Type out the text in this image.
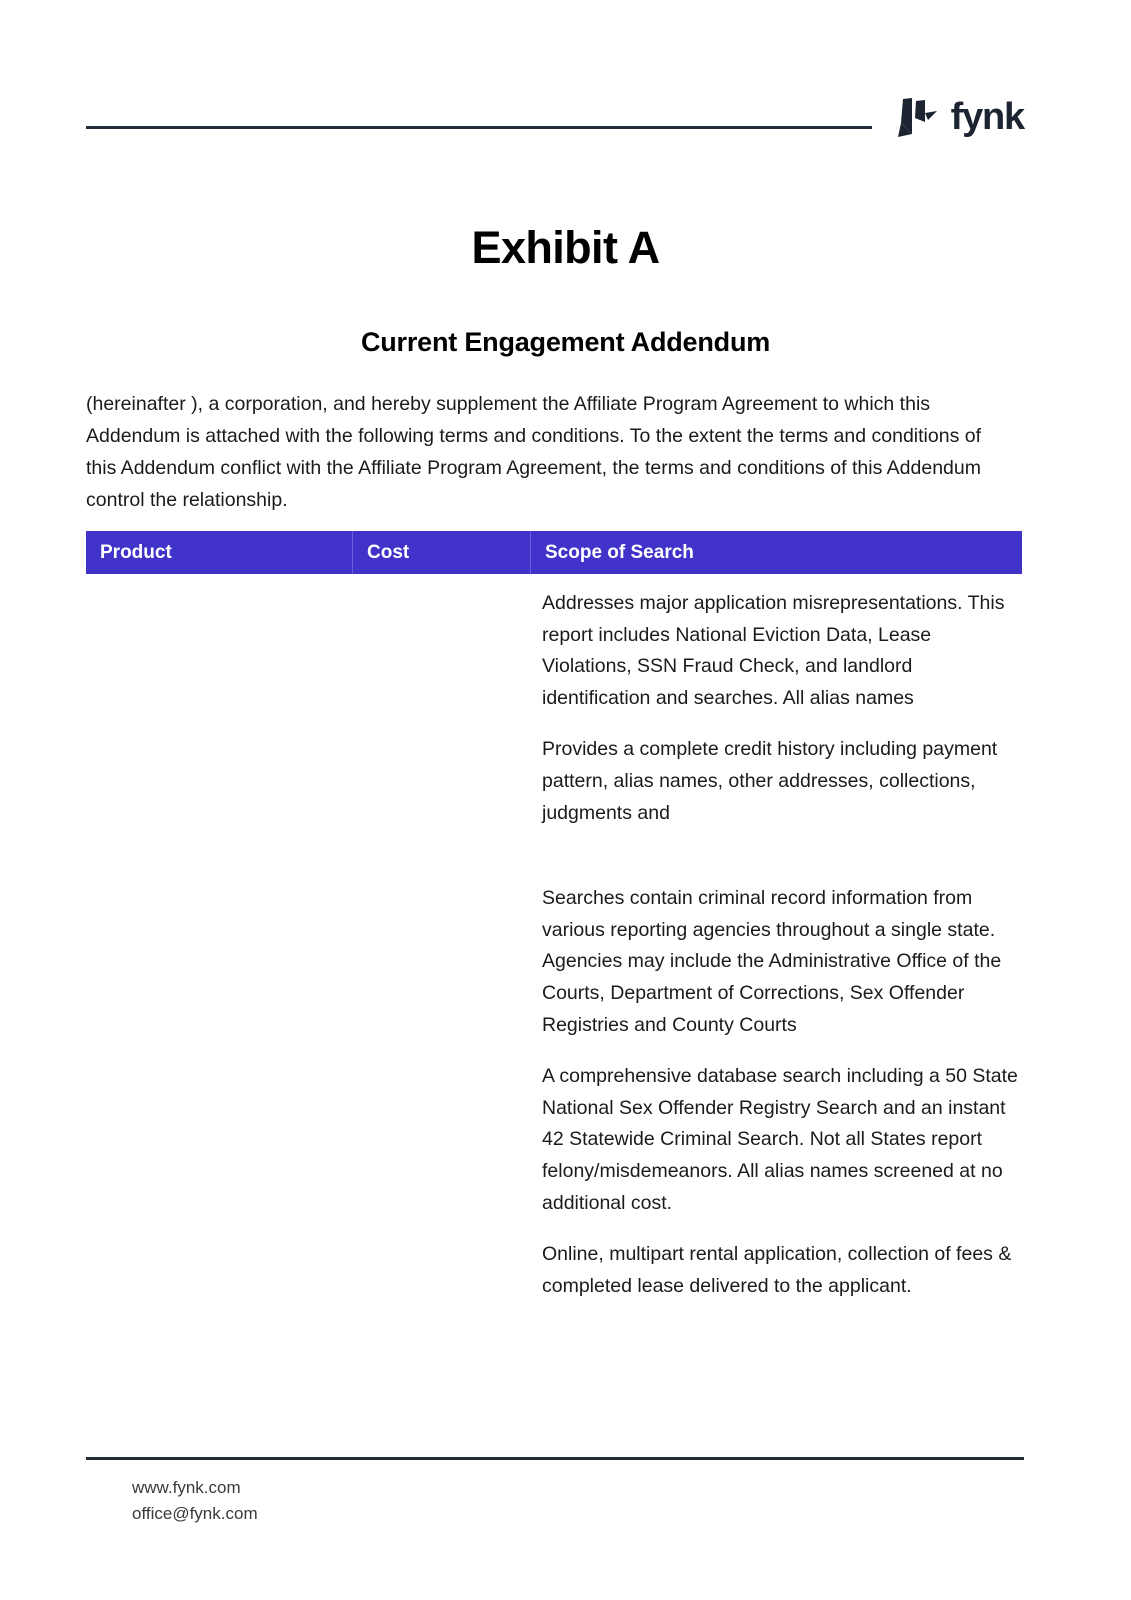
fynk
Exhibit A
Current Engagement Addendum
(hereinafter ), a corporation, and hereby supplement the Affiliate Program Agreement to which this Addendum is attached with the following terms and conditions. To the extent the terms and conditions of this Addendum conflict with the Affiliate Program Agreement, the terms and conditions of this Addendum control the relationship.
Product	Cost	Scope of Search

Addresses major application misrepresentations. This report includes National Eviction Data, Lease Violations, SSN Fraud Check, and landlord identification and searches. All alias names

Provides a complete credit history including payment pattern, alias names, other addresses, collections, judgments and

Searches contain criminal record information from various reporting agencies throughout a single state. Agencies may include the Administrative Office of the Courts, Department of Corrections, Sex Offender Registries and County Courts

A comprehensive database search including a 50 State National Sex Offender Registry Search and an instant 42 Statewide Criminal Search. Not all States report felony/misdemeanors. All alias names screened at no additional cost.

Online, multipart rental application, collection of fees & completed lease delivered to the applicant.

www.fynk.com
office@fynk.com
